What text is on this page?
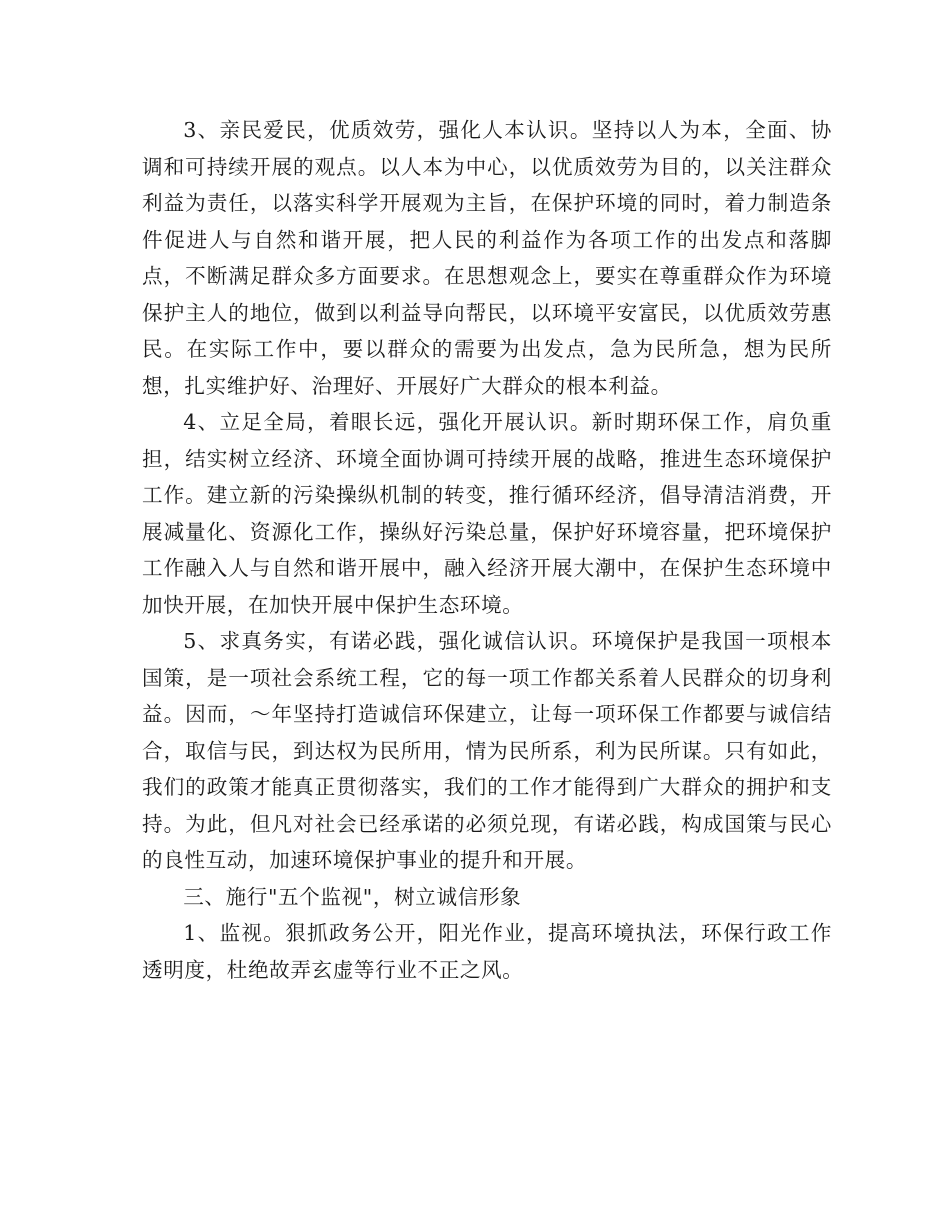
3、亲民爱民，优质效劳，强化人本认识。坚持以人为本，全面、协调和可持续开展的观点。以人本为中心，以优质效劳为目的，以关注群众利益为责任，以落实科学开展观为主旨，在保护环境的同时，着力制造条件促进人与自然和谐开展，把人民的利益作为各项工作的出发点和落脚点，不断满足群众多方面要求。在思想观念上，要实在尊重群众作为环境保护主人的地位，做到以利益导向帮民，以环境平安富民，以优质效劳惠民。在实际工作中，要以群众的需要为出发点，急为民所急，想为民所想，扎实维护好、治理好、开展好广大群众的根本利益。

4、立足全局，着眼长远，强化开展认识。新时期环保工作，肩负重担，结实树立经济、环境全面协调可持续开展的战略，推进生态环境保护工作。建立新的污染操纵机制的转变，推行循环经济，倡导清洁消费，开展减量化、资源化工作，操纵好污染总量，保护好环境容量，把环境保护工作融入人与自然和谐开展中，融入经济开展大潮中，在保护生态环境中加快开展，在加快开展中保护生态环境。

5、求真务实，有诺必践，强化诚信认识。环境保护是我国一项根本国策，是一项社会系统工程，它的每一项工作都关系着人民群众的切身利益。因而，～年坚持打造诚信环保建立，让每一项环保工作都要与诚信结合，取信与民，到达权为民所用，情为民所系，利为民所谋。只有如此，我们的政策才能真正贯彻落实，我们的工作才能得到广大群众的拥护和支持。为此，但凡对社会已经承诺的必须兑现，有诺必践，构成国策与民心的良性互动，加速环境保护事业的提升和开展。

三、施行"五个监视"，树立诚信形象

1、监视。狠抓政务公开，阳光作业，提高环境执法，环保行政工作透明度，杜绝故弄玄虚等行业不正之风。
